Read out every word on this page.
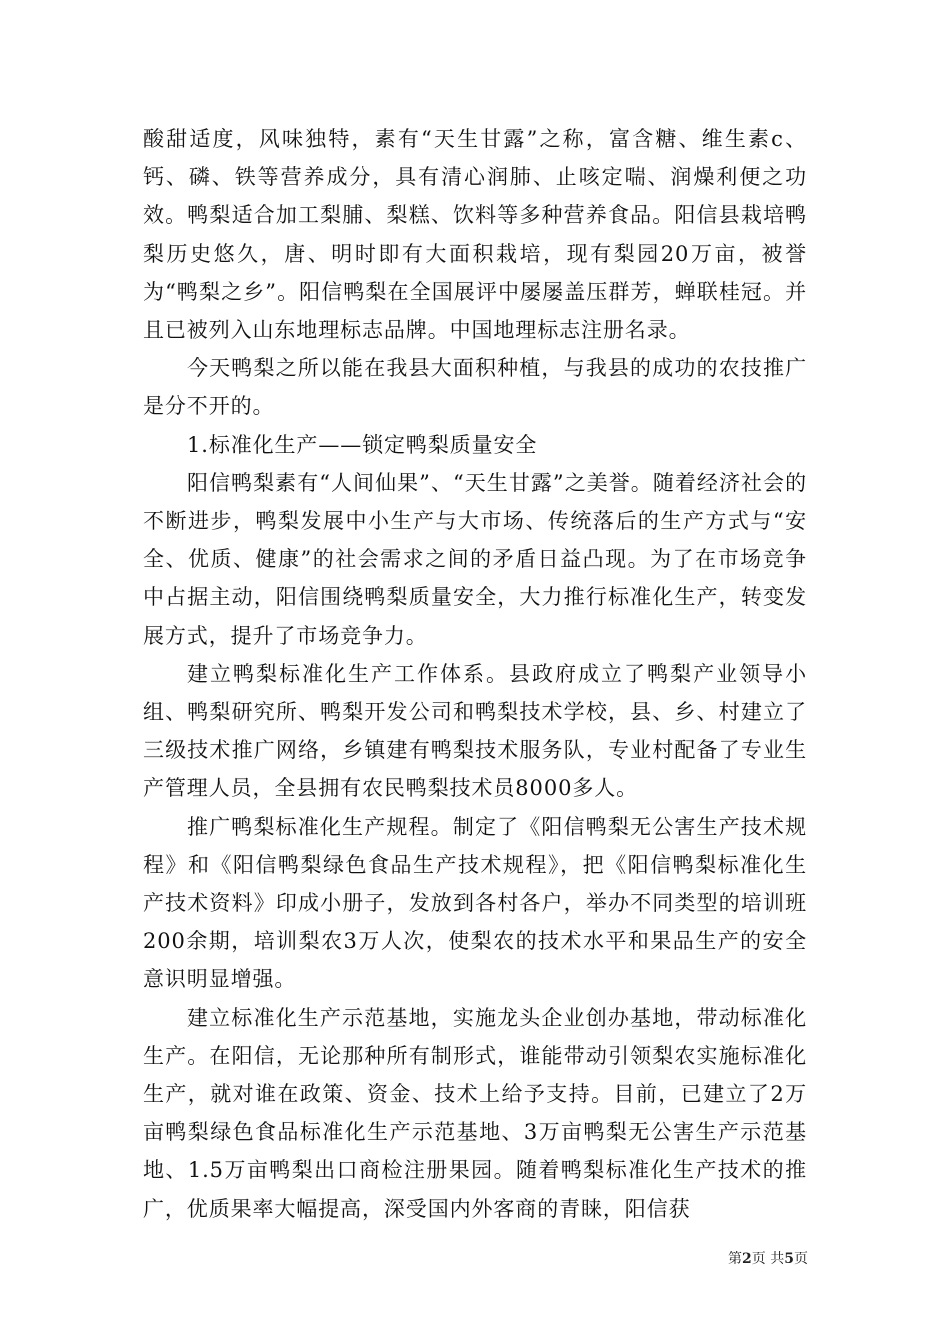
酸甜适度，风味独特，素有“天生甘露”之称，富含糖、维生素c、钙、磷、铁等营养成分，具有清心润肺、止咳定喘、润燥利便之功效。鸭梨适合加工梨脯、梨糕、饮料等多种营养食品。阳信县栽培鸭梨历史悠久，唐、明时即有大面积栽培，现有梨园20万亩，被誉为“鸭梨之乡”。阳信鸭梨在全国展评中屡屡盖压群芳，蝉联桂冠。并且已被列入山东地理标志品牌。中国地理标志注册名录。

今天鸭梨之所以能在我县大面积种植，与我县的成功的农技推广是分不开的。

1.标准化生产——锁定鸭梨质量安全

阳信鸭梨素有“人间仙果”、“天生甘露”之美誉。随着经济社会的不断进步，鸭梨发展中小生产与大市场、传统落后的生产方式与“安全、优质、健康”的社会需求之间的矛盾日益凸现。为了在市场竞争中占据主动，阳信围绕鸭梨质量安全，大力推行标准化生产，转变发展方式，提升了市场竞争力。

建立鸭梨标准化生产工作体系。县政府成立了鸭梨产业领导小组、鸭梨研究所、鸭梨开发公司和鸭梨技术学校，县、乡、村建立了三级技术推广网络，乡镇建有鸭梨技术服务队，专业村配备了专业生产管理人员，全县拥有农民鸭梨技术员8000多人。

推广鸭梨标准化生产规程。制定了《阳信鸭梨无公害生产技术规程》和《阳信鸭梨绿色食品生产技术规程》，把《阳信鸭梨标准化生产技术资料》印成小册子，发放到各村各户，举办不同类型的培训班200余期，培训梨农3万人次，使梨农的技术水平和果品生产的安全意识明显增强。

建立标准化生产示范基地，实施龙头企业创办基地，带动标准化生产。在阳信，无论那种所有制形式，谁能带动引领梨农实施标准化生产，就对谁在政策、资金、技术上给予支持。目前，已建立了2万亩鸭梨绿色食品标准化生产示范基地、3万亩鸭梨无公害生产示范基地、1.5万亩鸭梨出口商检注册果园。随着鸭梨标准化生产技术的推广，优质果率大幅提高，深受国内外客商的青睐，阳信获

第2页 共5页
